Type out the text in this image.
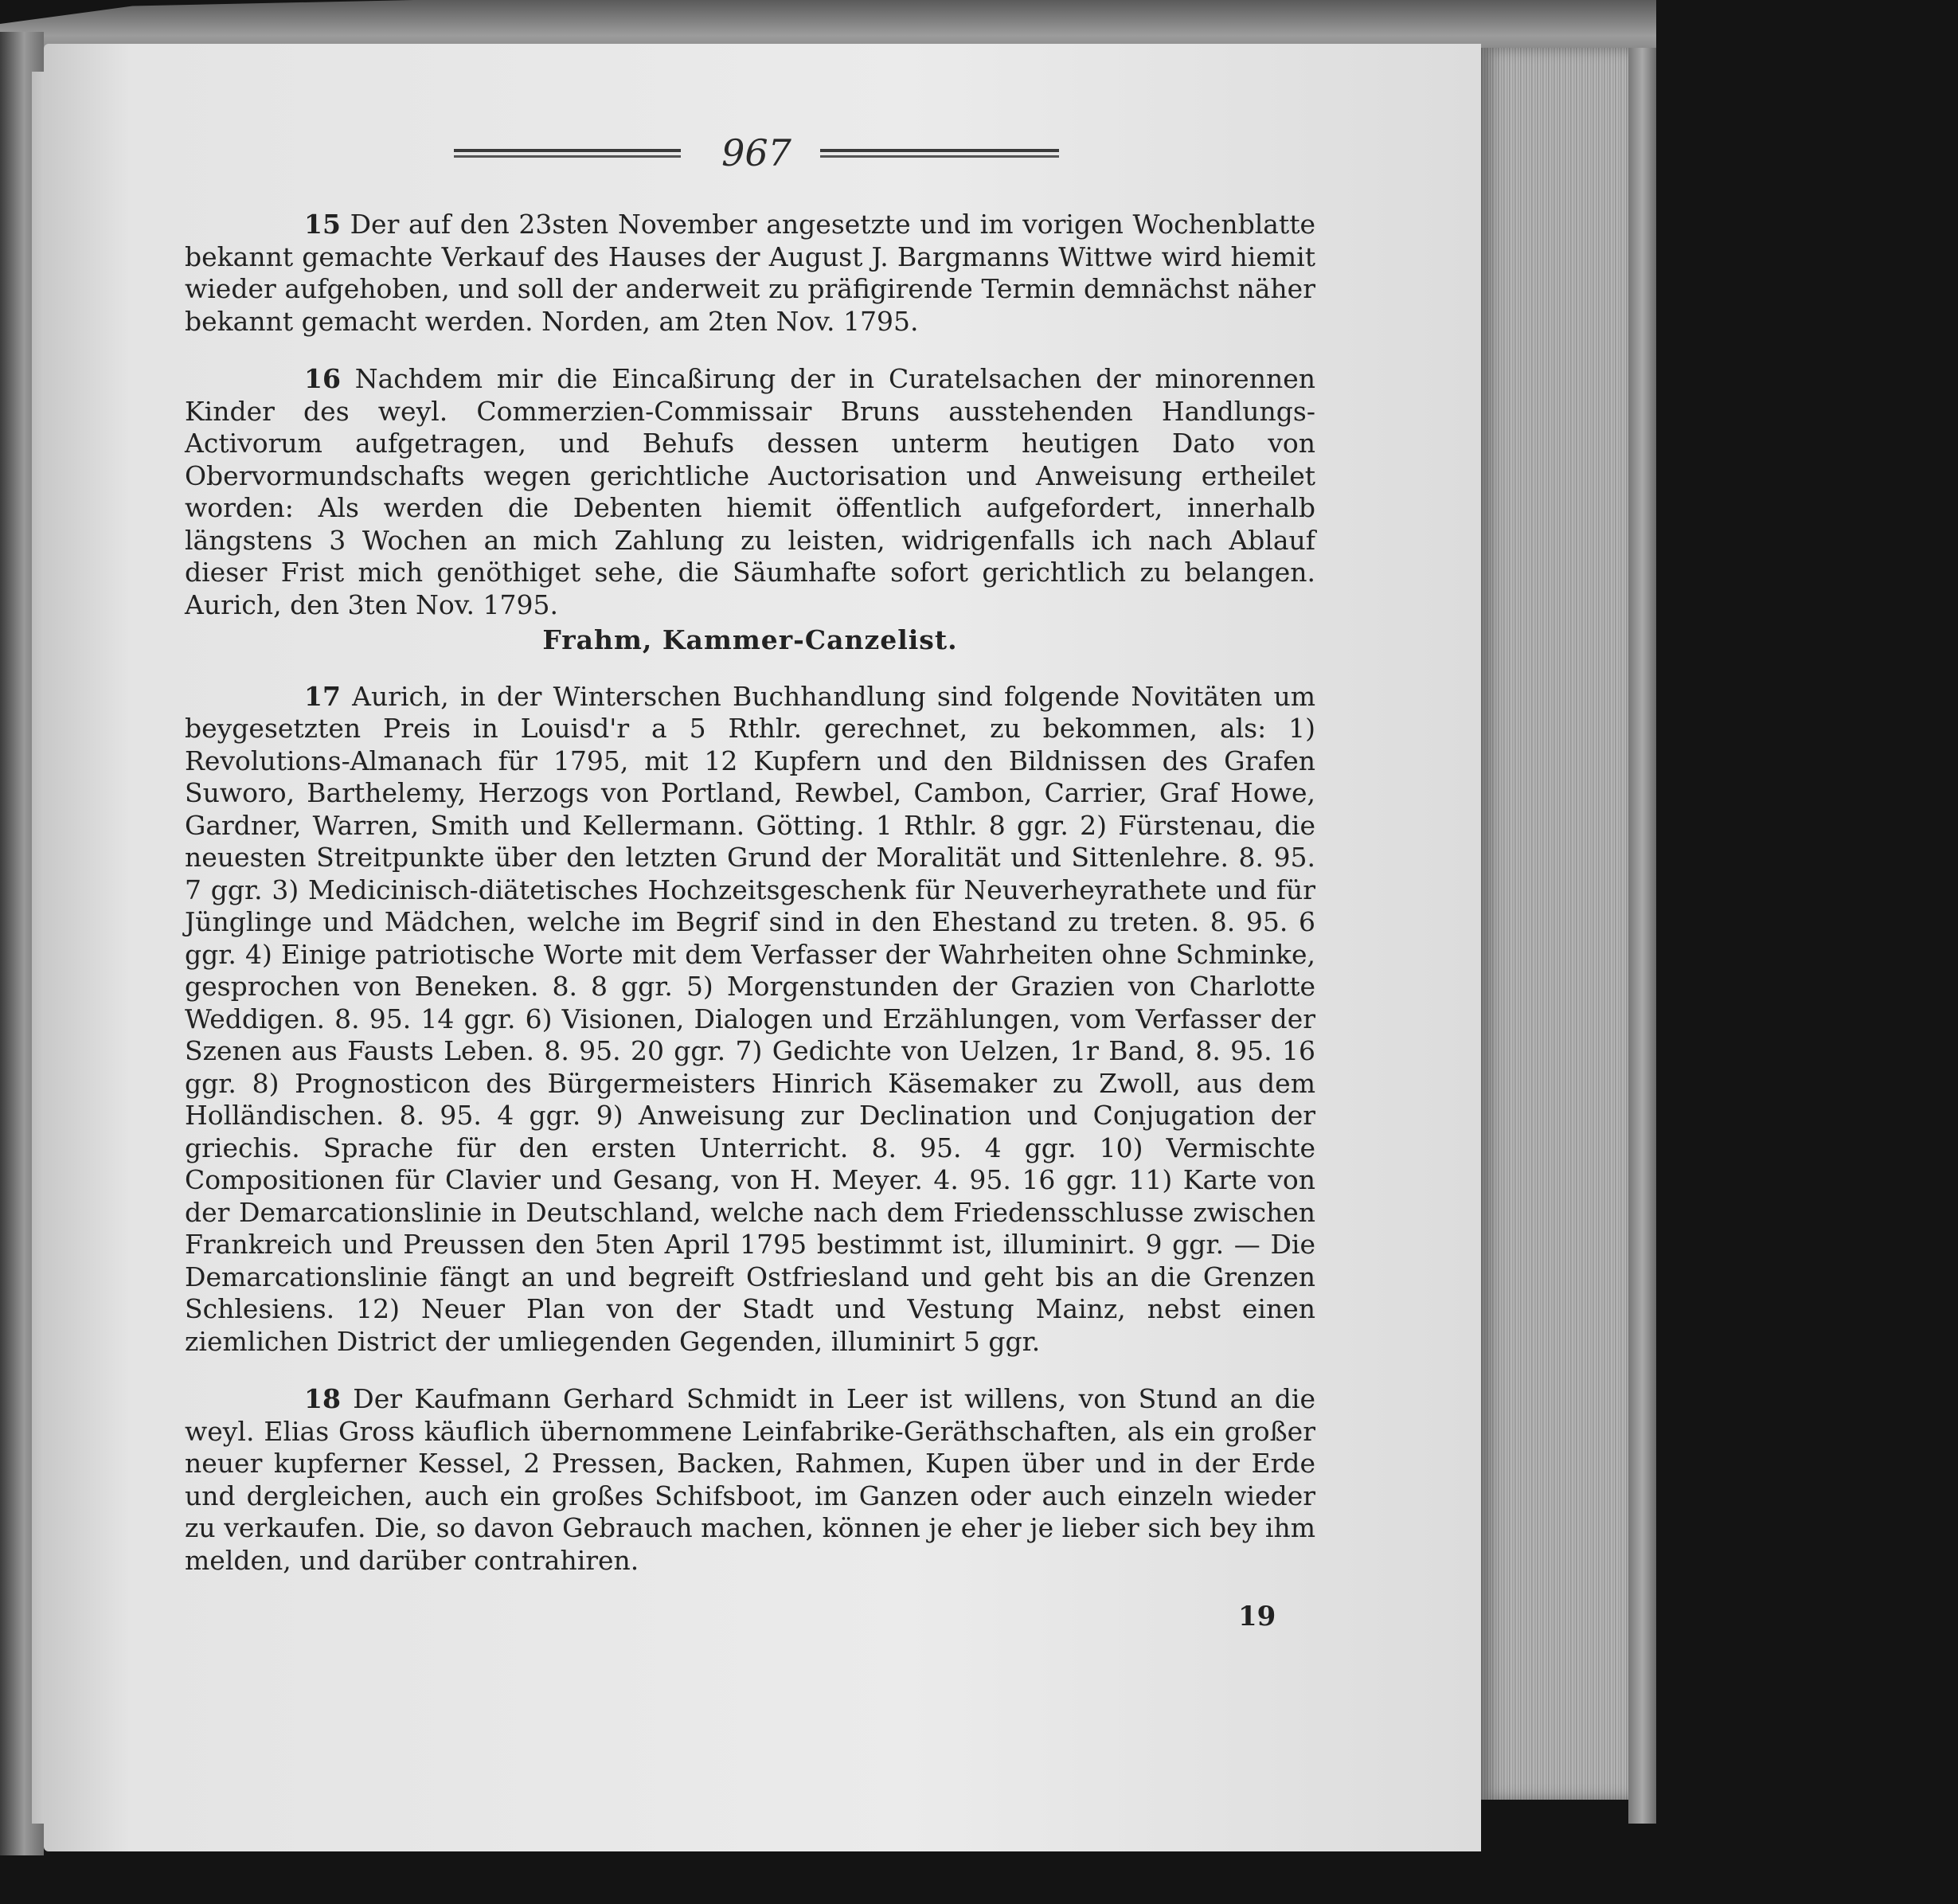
967

15 Der auf den 23sten November angesetzte und im vorigen Wochenblatte bekannt gemachte Verkauf des Hauses der August J. Bargmanns Wittwe wird hiemit wieder aufgehoben, und soll der anderweit zu präfigirende Termin demnächst näher bekannt gemacht werden. Norden, am 2ten Nov. 1795.

16 Nachdem mir die Eincaßirung der in Curatelsachen der minorennen Kinder des weyl. Commerzien-Commissair Bruns ausstehenden Handlungs-Activorum aufgetragen, und Behufs dessen unterm heutigen Dato von Obervormundschafts wegen gerichtliche Auctorisation und Anweisung ertheilet worden: Als werden die Debenten hiemit öffentlich aufgefordert, innerhalb längstens 3 Wochen an mich Zahlung zu leisten, widrigenfalls ich nach Ablauf dieser Frist mich genöthiget sehe, die Säumhafte sofort gerichtlich zu belangen. Aurich, den 3ten Nov. 1795.

Frahm, Kammer-Canzelist.

17 Aurich, in der Winterschen Buchhandlung sind folgende Novitäten um beygesetzten Preis in Louisd'r a 5 Rthlr. gerechnet, zu bekommen, als: 1) Revolutions-Almanach für 1795, mit 12 Kupfern und den Bildnissen des Grafen Suworo, Barthelemy, Herzogs von Portland, Rewbel, Cambon, Carrier, Graf Howe, Gardner, Warren, Smith und Kellermann. Götting. 1 Rthlr. 8 ggr. 2) Fürstenau, die neuesten Streitpunkte über den letzten Grund der Moralität und Sittenlehre. 8. 95. 7 ggr. 3) Medicinisch-diätetisches Hochzeitsgeschenk für Neuverheyrathete und für Jünglinge und Mädchen, welche im Begrif sind in den Ehestand zu treten. 8. 95. 6 ggr. 4) Einige patriotische Worte mit dem Verfasser der Wahrheiten ohne Schminke, gesprochen von Beneken. 8. 8 ggr. 5) Morgenstunden der Grazien von Charlotte Weddigen. 8. 95. 14 ggr. 6) Visionen, Dialogen und Erzählungen, vom Verfasser der Szenen aus Fausts Leben. 8. 95. 20 ggr. 7) Gedichte von Uelzen, 1r Band, 8. 95. 16 ggr. 8) Prognosticon des Bürgermeisters Hinrich Käsemaker zu Zwoll, aus dem Holländischen. 8. 95. 4 ggr. 9) Anweisung zur Declination und Conjugation der griechis. Sprache für den ersten Unterricht. 8. 95. 4 ggr. 10) Vermischte Compositionen für Clavier und Gesang, von H. Meyer. 4. 95. 16 ggr. 11) Karte von der Demarcationslinie in Deutschland, welche nach dem Friedensschlusse zwischen Frankreich und Preussen den 5ten April 1795 bestimmt ist, illuminirt. 9 ggr. — Die Demarcationslinie fängt an und begreift Ostfriesland und geht bis an die Grenzen Schlesiens. 12) Neuer Plan von der Stadt und Vestung Mainz, nebst einen ziemlichen District der umliegenden Gegenden, illuminirt 5 ggr.

18 Der Kaufmann Gerhard Schmidt in Leer ist willens, von Stund an die weyl. Elias Gross käuflich übernommene Leinfabrike-Geräthschaften, als ein großer neuer kupferner Kessel, 2 Pressen, Backen, Rahmen, Kupen über und in der Erde und dergleichen, auch ein großes Schifsboot, im Ganzen oder auch einzeln wieder zu verkaufen. Die, so davon Gebrauch machen, können je eher je lieber sich bey ihm melden, und darüber contrahiren.

19
